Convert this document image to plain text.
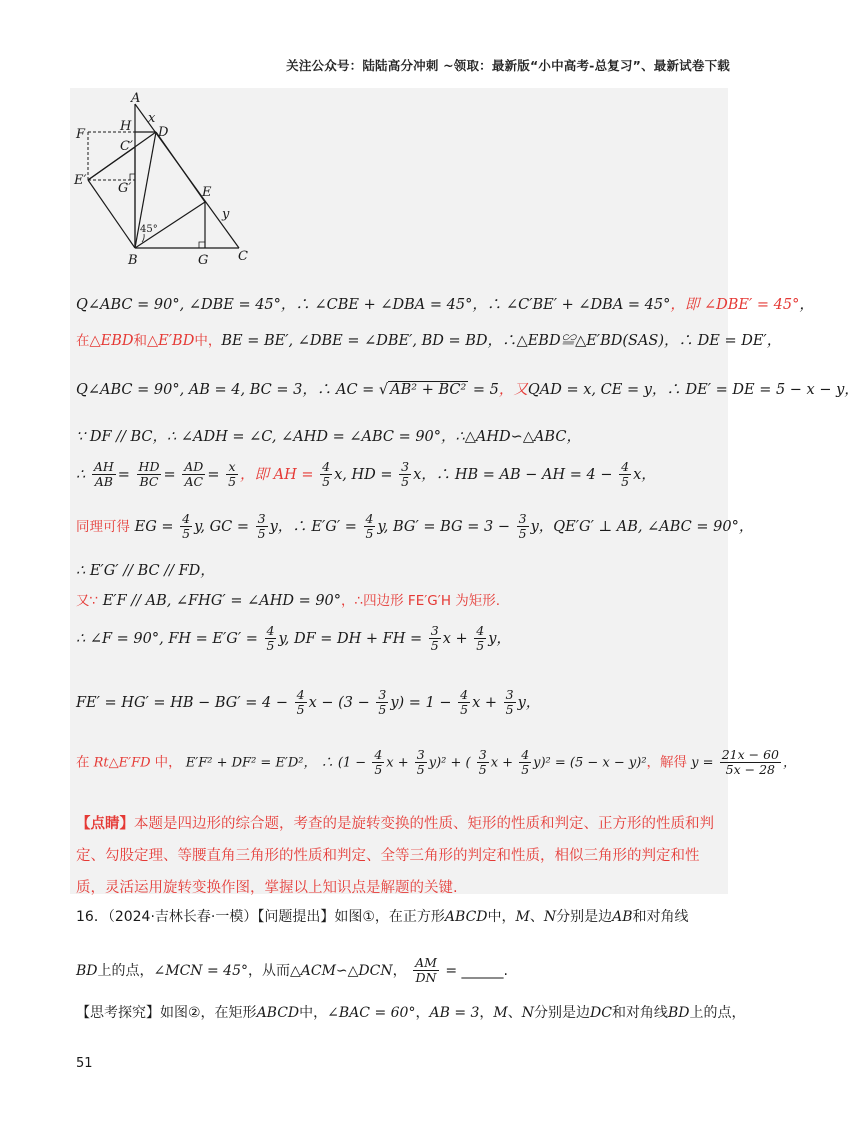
关注公众号：陆陆高分冲刺 ~领取：最新版“小中高考-总复习”、最新试卷下载
A
H
x
D
F
C′
E′
G′	E
y
B	G C
45°
Q∠ABC = 90°, ∠DBE = 45°，∴ ∠CBE + ∠DBA = 45°，∴ ∠C′BE′ + ∠DBA = 45°，即 ∠DBE′ = 45°，
在△EBD和△E′BD中，BE = BE′, ∠DBE = ∠DBE′, BD = BD，∴△EBD≌△E′BD(SAS)，∴ DE = DE′，
Q∠ABC = 90°, AB = 4, BC = 3，∴ AC = √ AB² + BC² = 5，又QAD = x, CE = y，∴ DE′ = DE = 5 − x − y，
∵ DF // BC，∴ ∠ADH = ∠C, ∠AHD = ∠ABC = 90°，∴△AHD∽△ABC，
∴ $\frac{AH}{AB} = \frac{HD}{BC} = \frac{AD}{AC} = \frac{x}{5}$ ，即 AH = $\frac{4}{5} x$, HD = $\frac{3}{5}$ x，∴ HB = AB − AH = $4 - \frac{4}{5}$ x，
同理可得 EG = $\frac{4}{5} y$, GC = $\frac{3}{5}$ y，∴ $E'G' = \frac{4}{5} y$, BG′ = BG = $3 - \frac{3}{5}$ y，QE′G′ ⊥ AB, ∠ABC = 90°，
∴ E′G′ // BC // FD，
又∵ E′F // AB, ∠FHG′ = ∠AHD = 90°，∴四边形 FE′G′H 为矩形.
∴ ∠F = 90°, FH = $E'G' = \frac{4}{5} y$, DF = DH + FH = $\frac{3}{5}$ $x + \frac{4}{5}$ y，
FE′ = HG′ = HB − $BG' = 4 - \frac{4}{5}$ $x - (3 - \frac{3}{5} y) = 1 - \frac{4}{5}$ $x + \frac{3}{5}$ y，
在 Rt△E′FD 中， E′F² + DF² = E′D²， ∴ ($1 - \frac{4}{5}$ $x + \frac{3}{5} y)^2$ + ( $\frac{3}{5}$ $x + \frac{4}{5} y)^2 = (5 - x - y)^2$，解得 $y = \frac{21x - 60}{5x - 28}$ ，
【点睛】本题是四边形的综合题，考查的是旋转变换的性质、矩形的性质和判定、正方形的性质和判定、勾股定理、等腰直角三角形的性质和判定、全等三角形的判定和性质，相似三角形的判定和性质，灵活运用旋转变换作图，掌握以上知识点是解题的关键.
16．（2024·吉林长春·一模）【问题提出】如图①，在正方形ABCD中，M、N分别是边AB和对角线
BD上的点，∠MCN = 45°，从而△ACM∽△DCN， $\frac{AM}{DN}$ = ______.
【思考探究】如图②，在矩形ABCD中，∠BAC = 60°，AB = 3，M、N分别是边DC和对角线BD上的点，
51
